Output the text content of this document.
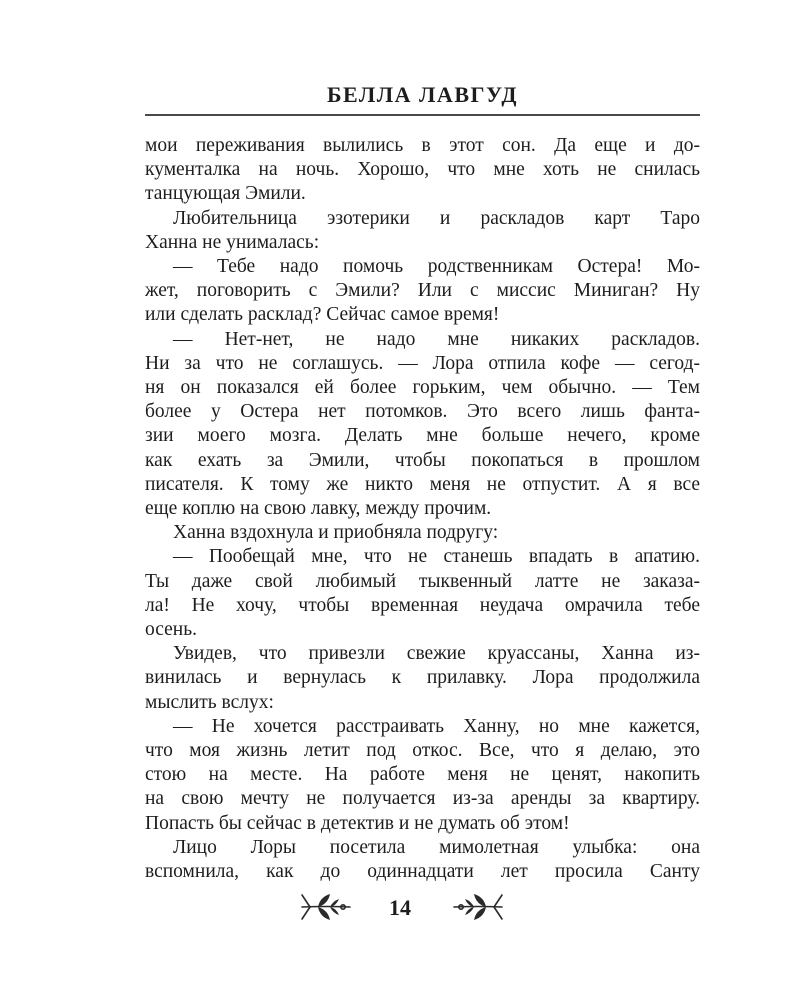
БЕЛЛА ЛАВГУД
мои переживания вылились в этот сон. Да еще и до-
кументалка на ночь. Хорошо, что мне хоть не снилась
танцующая Эмили.
Любительница эзотерики и раскладов карт Таро
Ханна не унималась:
— Тебе надо помочь родственникам Остера! Мо-
жет, поговорить с Эмили? Или с миссис Миниган? Ну
или сделать расклад? Сейчас самое время!
— Нет-нет, не надо мне никаких раскладов.
Ни за что не соглашусь. — Лора отпила кофе — сегод-
ня он показался ей более горьким, чем обычно. — Тем
более у Остера нет потомков. Это всего лишь фанта-
зии моего мозга. Делать мне больше нечего, кроме
как ехать за Эмили, чтобы покопаться в прошлом
писателя. К тому же никто меня не отпустит. А я все
еще коплю на свою лавку, между прочим.
Ханна вздохнула и приобняла подругу:
— Пообещай мне, что не станешь впадать в апатию.
Ты даже свой любимый тыквенный латте не заказа-
ла! Не хочу, чтобы временная неудача омрачила тебе
осень.
Увидев, что привезли свежие круассаны, Ханна из-
винилась и вернулась к прилавку. Лора продолжила
мыслить вслух:
— Не хочется расстраивать Ханну, но мне кажется,
что моя жизнь летит под откос. Все, что я делаю, это
стою на месте. На работе меня не ценят, накопить
на свою мечту не получается из-за аренды за квартиру.
Попасть бы сейчас в детектив и не думать об этом!
Лицо Лоры посетила мимолетная улыбка: она
вспомнила, как до одиннадцати лет просила Санту
14
